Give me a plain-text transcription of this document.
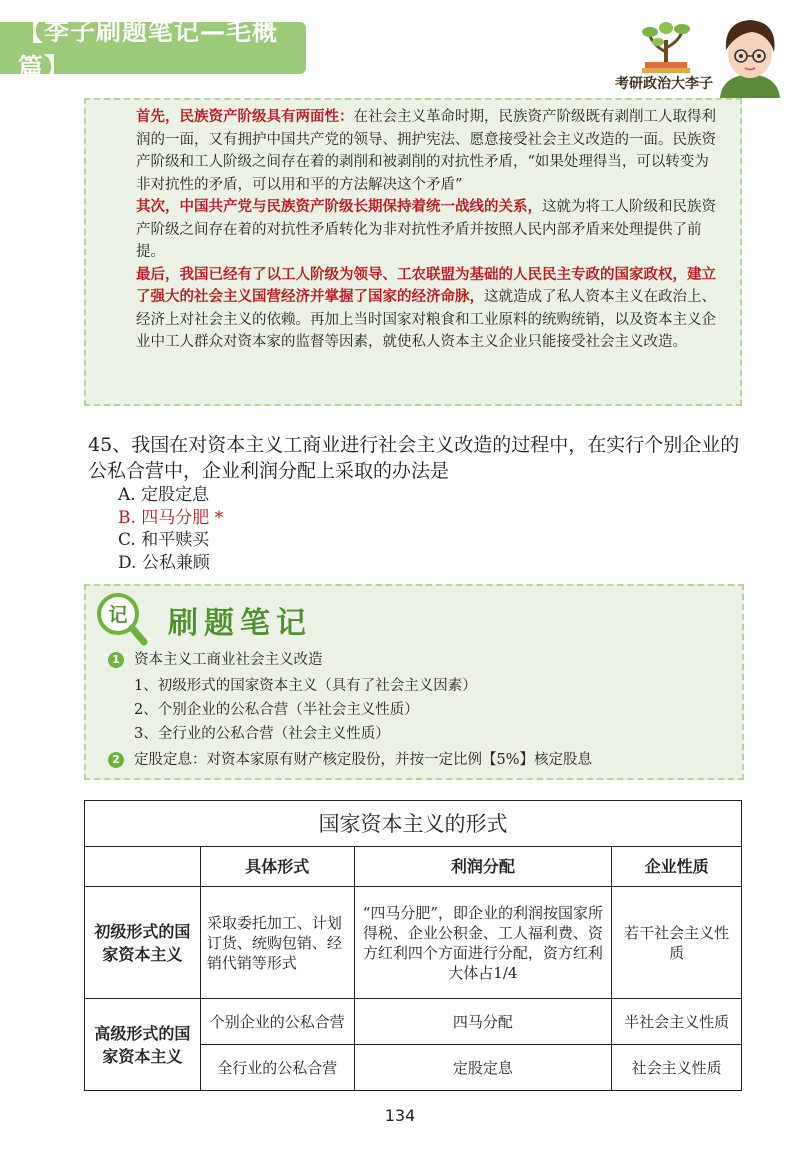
【李子刷题笔记—毛概篇】
考研政治大李子

首先，民族资产阶级具有两面性：在社会主义革命时期，民族资产阶级既有剥削工人取得利润的一面，又有拥护中国共产党的领导、拥护宪法、愿意接受社会主义改造的一面。民族资产阶级和工人阶级之间存在着的剥削和被剥削的对抗性矛盾，“如果处理得当，可以转变为非对抗性的矛盾，可以用和平的方法解决这个矛盾”

其次，中国共产党与民族资产阶级长期保持着统一战线的关系，这就为将工人阶级和民族资产阶级之间存在着的对抗性矛盾转化为非对抗性矛盾并按照人民内部矛盾来处理提供了前提。

最后，我国已经有了以工人阶级为领导、工农联盟为基础的人民民主专政的国家政权，建立了强大的社会主义国营经济并掌握了国家的经济命脉，这就造成了私人资本主义在政治上、经济上对社会主义的依赖。再加上当时国家对粮食和工业原料的统购统销，以及资本主义企业中工人群众对资本家的监督等因素，就使私人资本主义企业只能接受社会主义改造。

45、我国在对资本主义工商业进行社会主义改造的过程中，在实行个别企业的公私合营中，企业利润分配上采取的办法是
A. 定股定息
B. 四马分肥 *
C. 和平赎买
D. 公私兼顾
记 刷题笔记
1 资本主义工商业社会主义改造
1、初级形式的国家资本主义（具有了社会主义因素）
2、个别企业的公私合营（半社会主义性质）
3、全行业的公私合营（社会主义性质）
2 定股定息：对资本家原有财产核定股份，并按一定比例【5%】核定股息
国家资本主义的形式			
	具体形式	利润分配	企业性质
初级形式的国家资本主义	采取委托加工、计划订货、统购包销、经销代销等形式	“四马分肥”，即企业的利润按国家所得税、企业公积金、工人福利费、资方红利四个方面进行分配，资方红利大体占1/4	若干社会主义性质
高级形式的国家资本主义	个别企业的公私合营	四马分配	半社会主义性质
	全行业的公私合营	定股定息	社会主义性质
134
